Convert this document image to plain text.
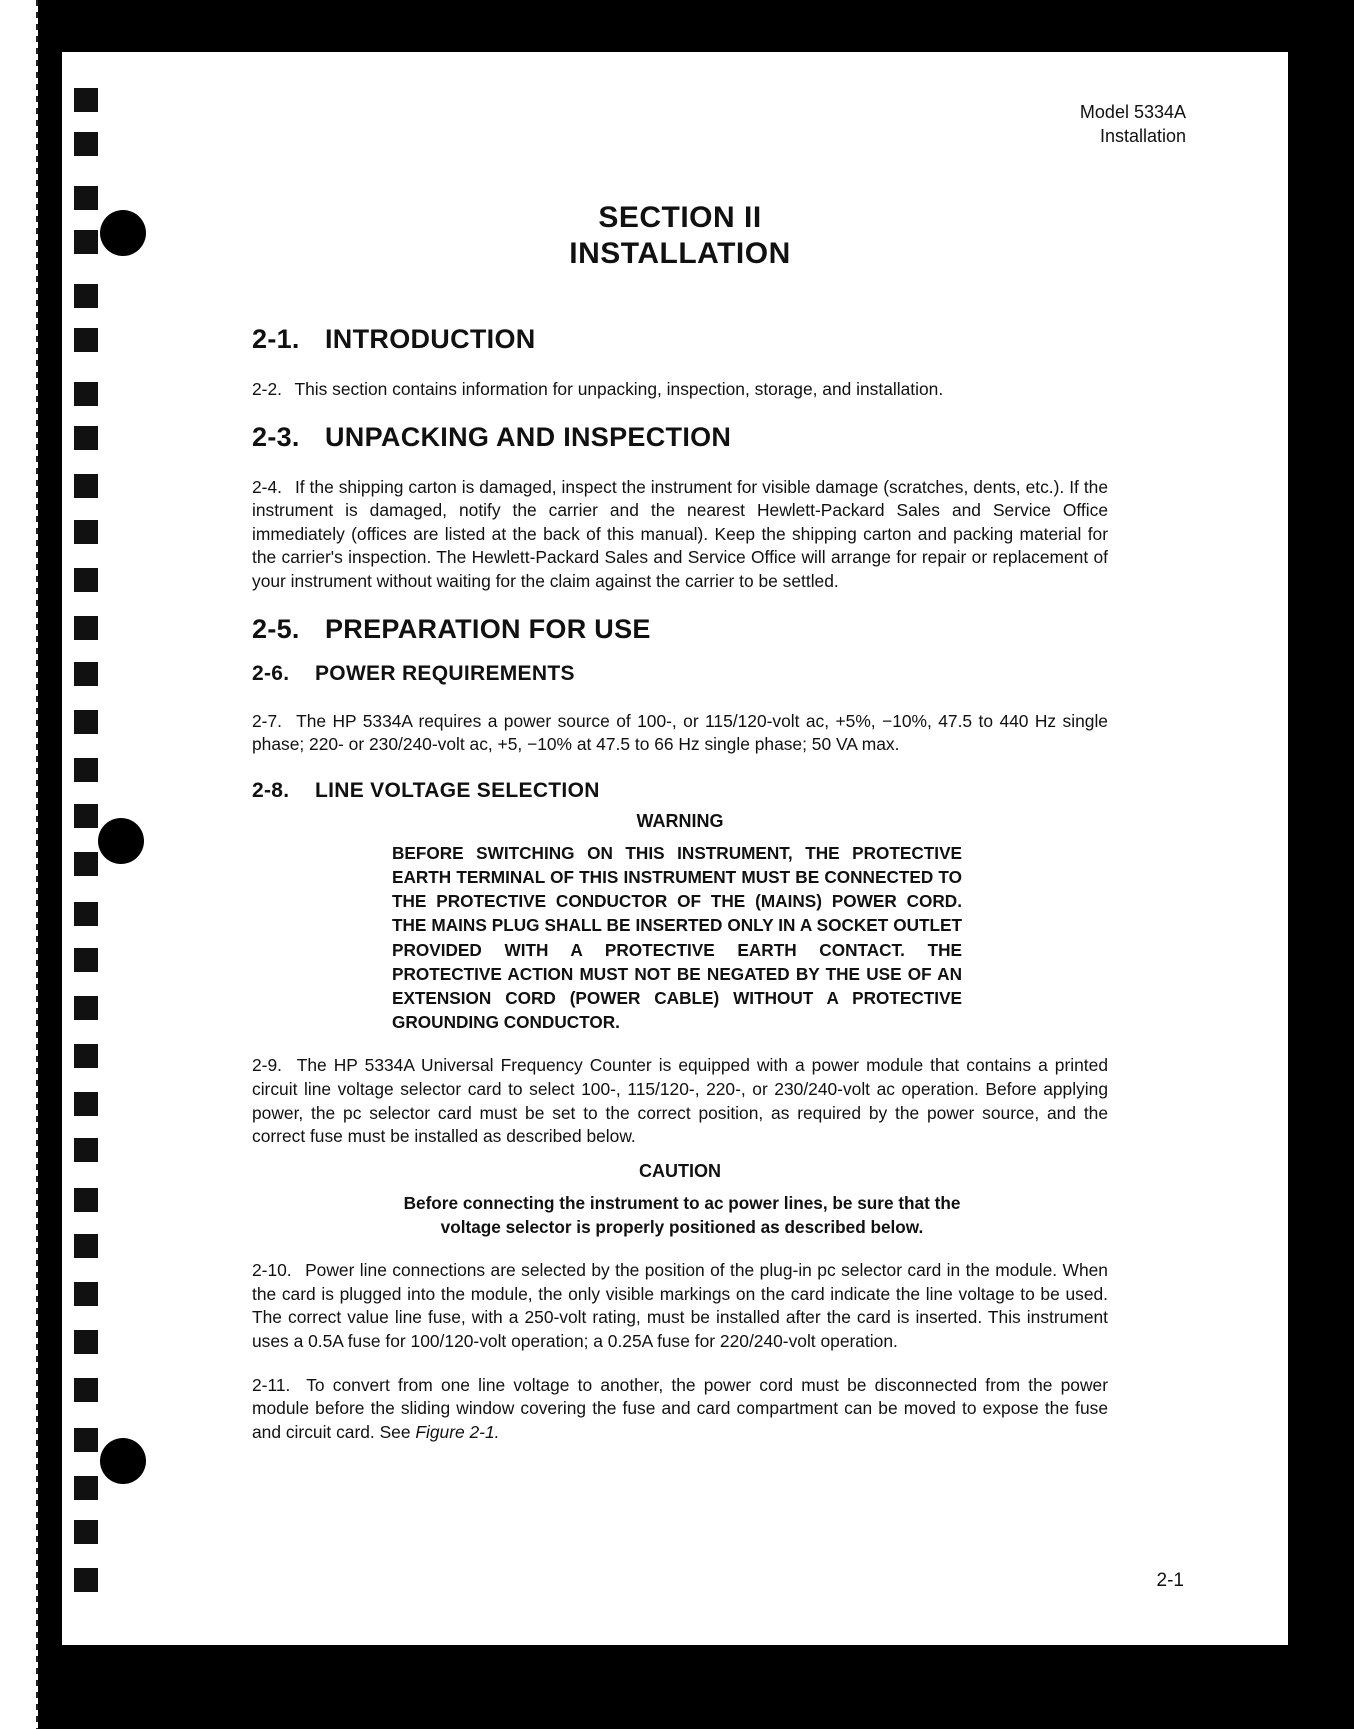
Model 5334A
Installation
SECTION II
INSTALLATION
2-1. INTRODUCTION

2-2. This section contains information for unpacking, inspection, storage, and installation.

2-3. UNPACKING AND INSPECTION

2-4. If the shipping carton is damaged, inspect the instrument for visible damage (scratches, dents, etc.). If the instrument is damaged, notify the carrier and the nearest Hewlett-Packard Sales and Service Office immediately (offices are listed at the back of this manual). Keep the shipping carton and packing material for the carrier's inspection. The Hewlett-Packard Sales and Service Office will arrange for repair or replacement of your instrument without waiting for the claim against the carrier to be settled.

2-5. PREPARATION FOR USE
2-6. POWER REQUIREMENTS

2-7. The HP 5334A requires a power source of 100-, or 115/120-volt ac, +5%, −10%, 47.5 to 440 Hz single phase; 220- or 230/240-volt ac, +5, −10% at 47.5 to 66 Hz single phase; 50 VA max.

2-8. LINE VOLTAGE SELECTION

WARNING

BEFORE SWITCHING ON THIS INSTRUMENT, THE PROTECTIVE EARTH TERMINAL OF THIS INSTRUMENT MUST BE CONNECTED TO THE PROTECTIVE CONDUCTOR OF THE (MAINS) POWER CORD. THE MAINS PLUG SHALL BE INSERTED ONLY IN A SOCKET OUTLET PROVIDED WITH A PROTECTIVE EARTH CONTACT. THE PROTECTIVE ACTION MUST NOT BE NEGATED BY THE USE OF AN EXTENSION CORD (POWER CABLE) WITHOUT A PROTECTIVE GROUNDING CONDUCTOR.

2-9. The HP 5334A Universal Frequency Counter is equipped with a power module that contains a printed circuit line voltage selector card to select 100-, 115/120-, 220-, or 230/240-volt ac operation. Before applying power, the pc selector card must be set to the correct position, as required by the power source, and the correct fuse must be installed as described below.

CAUTION

Before connecting the instrument to ac power lines, be sure that the voltage selector is properly positioned as described below.

2-10. Power line connections are selected by the position of the plug-in pc selector card in the module. When the card is plugged into the module, the only visible markings on the card indicate the line voltage to be used. The correct value line fuse, with a 250-volt rating, must be installed after the card is inserted. This instrument uses a 0.5A fuse for 100/120-volt operation; a 0.25A fuse for 220/240-volt operation.

2-11. To convert from one line voltage to another, the power cord must be disconnected from the power module before the sliding window covering the fuse and card compartment can be moved to expose the fuse and circuit card. See Figure 2-1.

2-1
